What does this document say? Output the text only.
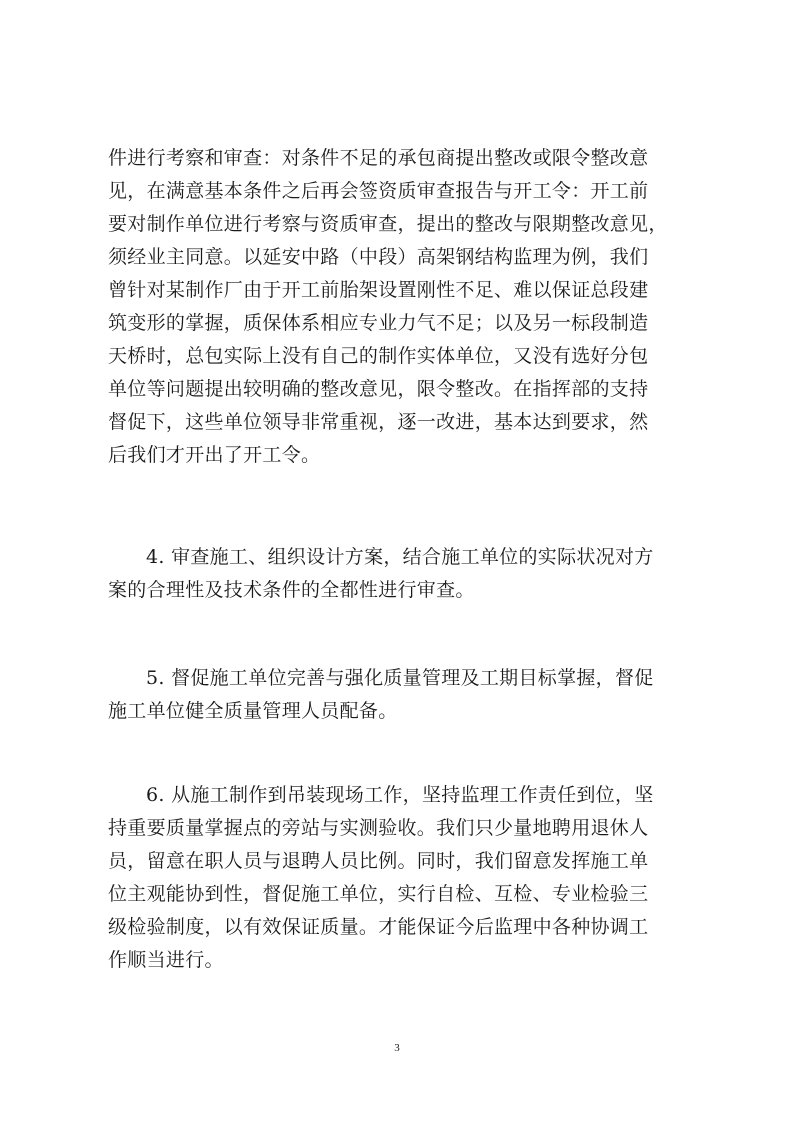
件进行考察和审查：对条件不足的承包商提出整改或限令整改意
见，在满意基本条件之后再会签资质审查报告与开工令：开工前
要对制作单位进行考察与资质审查，提出的整改与限期整改意见，
须经业主同意。以延安中路（中段）高架钢结构监理为例，我们
曾针对某制作厂由于开工前胎架设置刚性不足、难以保证总段建
筑变形的掌握，质保体系相应专业力气不足；以及另一标段制造
天桥时，总包实际上没有自己的制作实体单位，又没有选好分包
单位等问题提出较明确的整改意见，限令整改。在指挥部的支持
督促下，这些单位领导非常重视，逐一改进，基本达到要求，然
后我们才开出了开工令。
4. 审查施工、组织设计方案，结合施工单位的实际状况对方
案的合理性及技术条件的全都性进行审查。
5. 督促施工单位完善与强化质量管理及工期目标掌握，督促
施工单位健全质量管理人员配备。
6. 从施工制作到吊装现场工作，坚持监理工作责任到位，坚
持重要质量掌握点的旁站与实测验收。我们只少量地聘用退休人
员，留意在职人员与退聘人员比例。同时，我们留意发挥施工单
位主观能协到性，督促施工单位，实行自检、互检、专业检验三
级检验制度，以有效保证质量。才能保证今后监理中各种协调工
作顺当进行。
3
